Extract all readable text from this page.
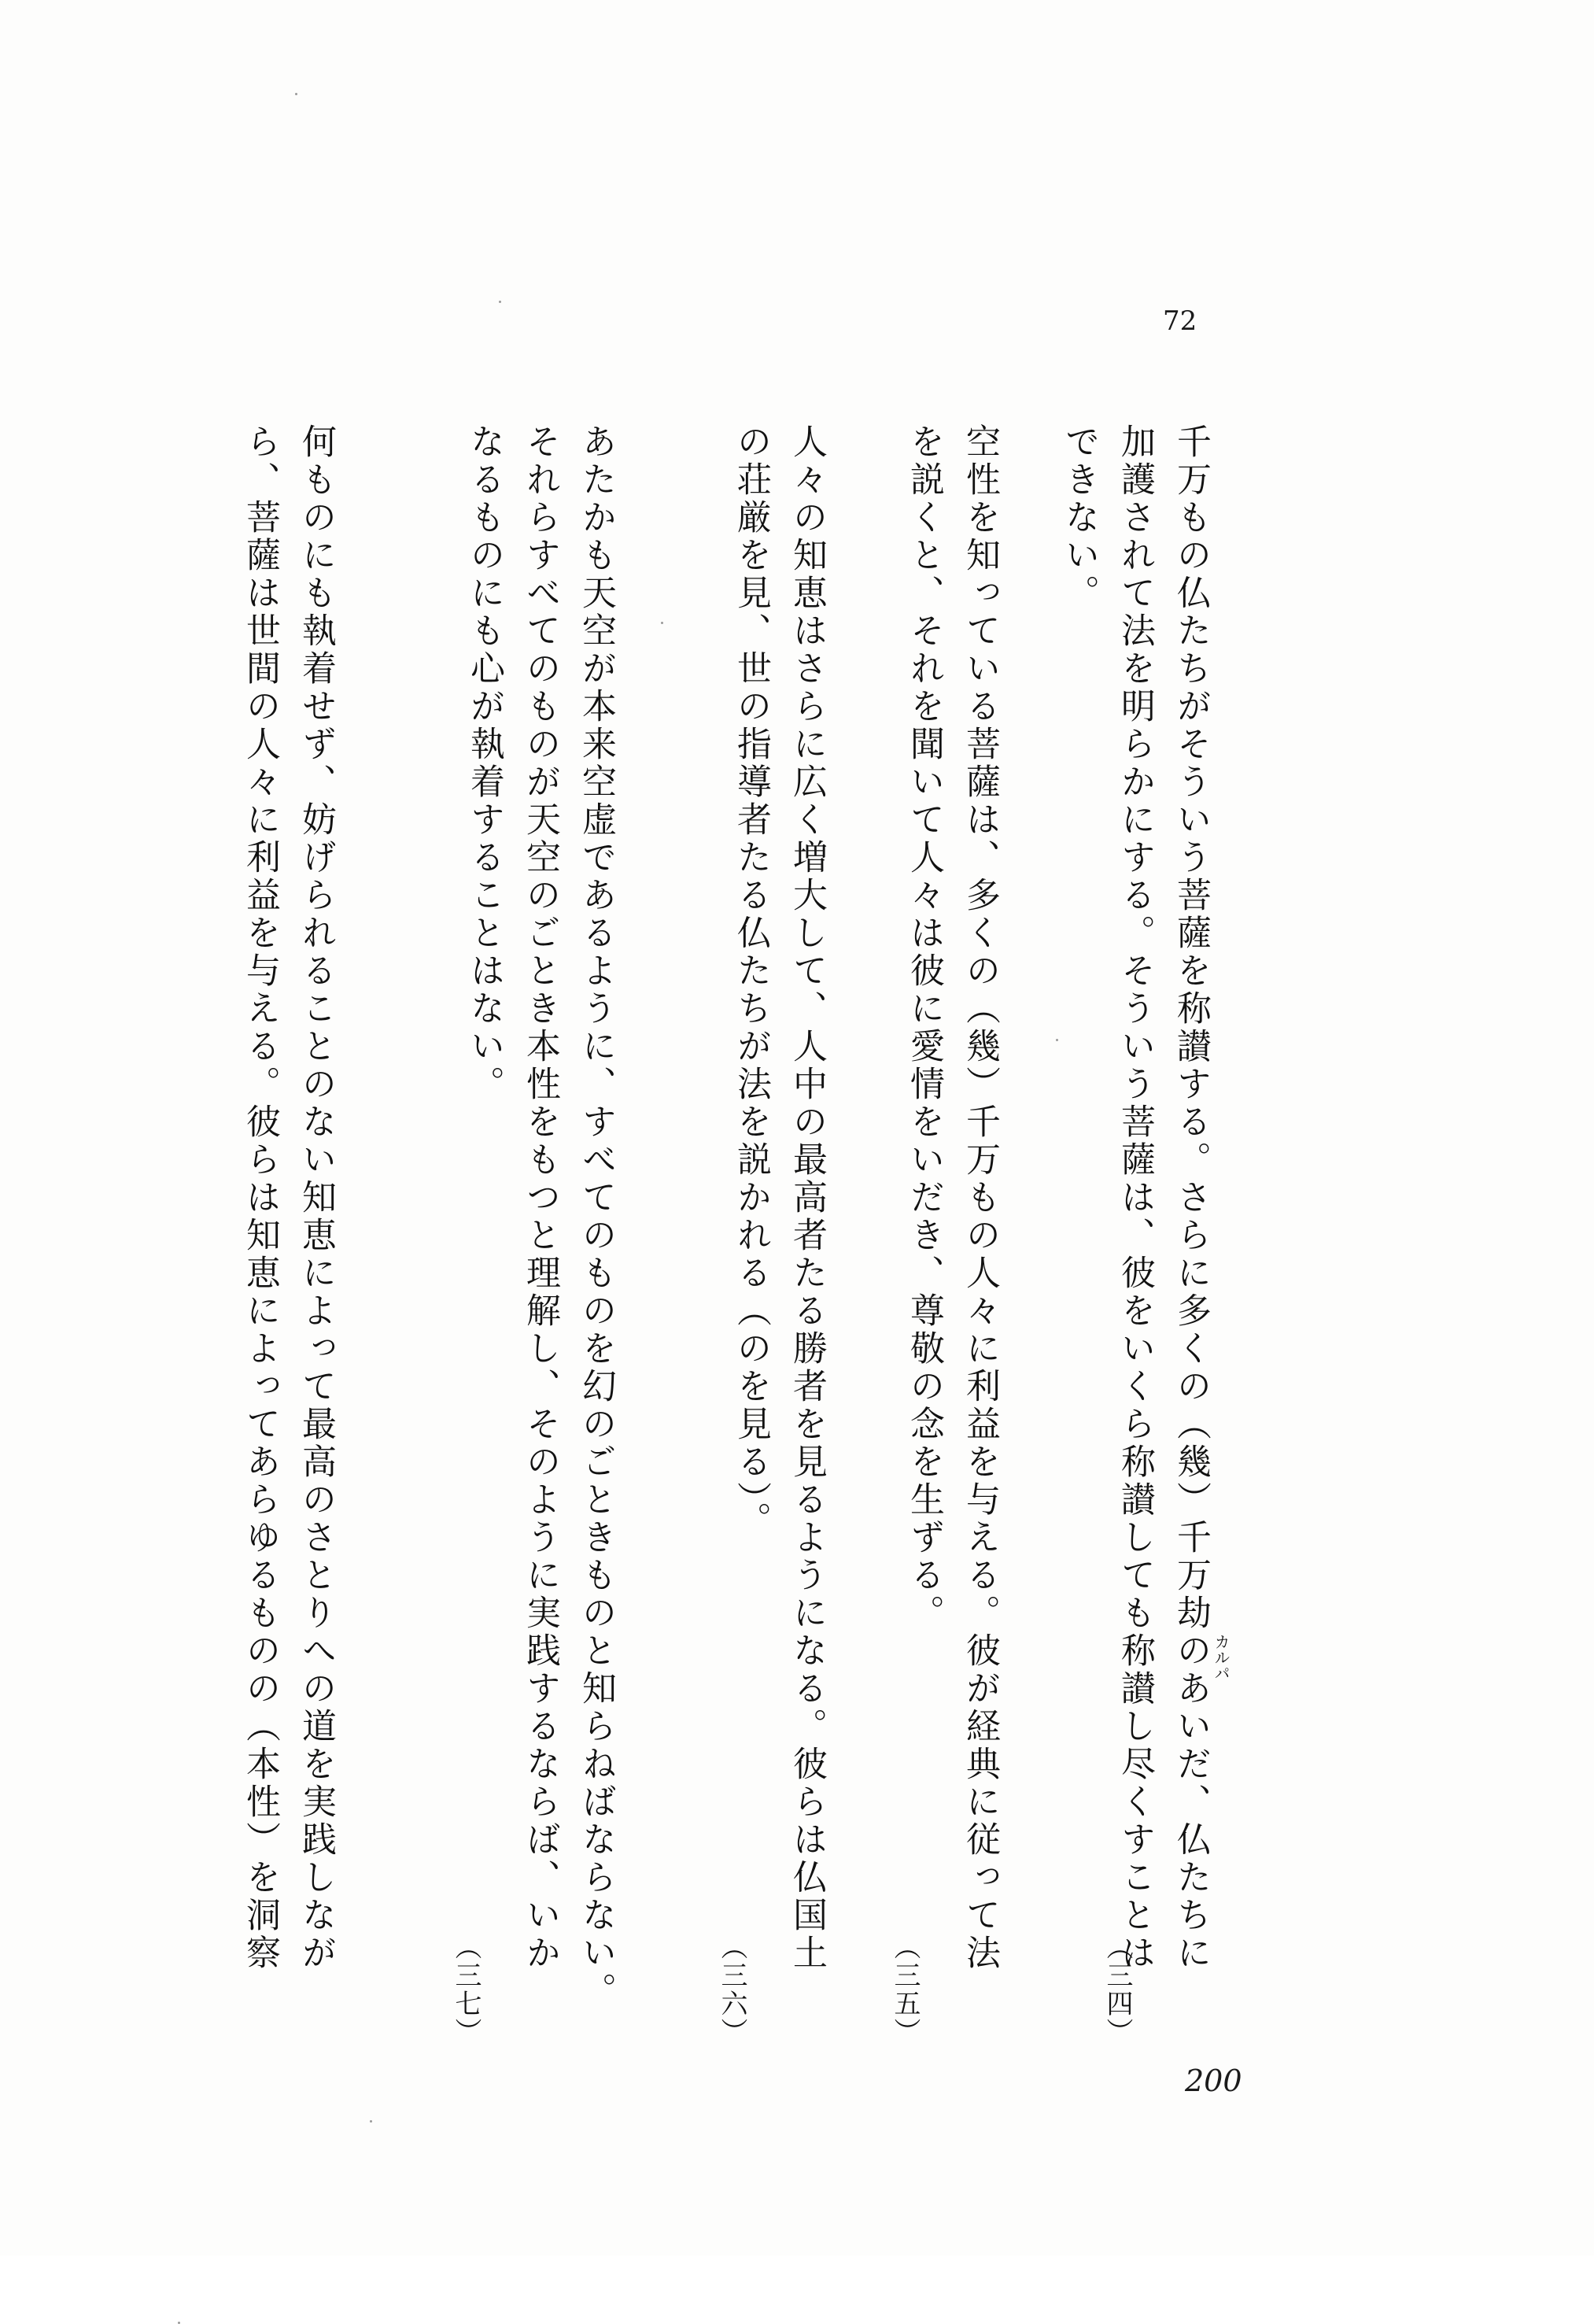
72
千万もの仏たちがそういう菩薩を称讃する。さらに多くの（幾）千万劫のあいだ、仏たちに
加護されて法を明らかにする。そういう菩薩は、彼をいくら称讃しても称讃し尽くすことは
できない。
空性を知っている菩薩は、多くの（幾）千万もの人々に利益を与える。彼が経典に従って法
を説くと、それを聞いて人々は彼に愛情をいだき、尊敬の念を生ずる。
人々の知恵はさらに広く増大して、人中の最高者たる勝者を見るようになる。彼らは仏国土
の荘厳を見、世の指導者たる仏たちが法を説かれる（のを見る）。
あたかも天空が本来空虚であるように、すべてのものを幻のごときものと知らねばならない。
それらすべてのものが天空のごとき本性をもつと理解し、そのように実践するならば、いか
なるものにも心が執着することはない。
何ものにも執着せず、妨げられることのない知恵によって最高のさとりへの道を実践しなが
ら、菩薩は世間の人々に利益を与える。彼らは知恵によってあらゆるものの（本性）を洞察	カルパ
（三四）
（三五）
（三六）
（三七）
200
